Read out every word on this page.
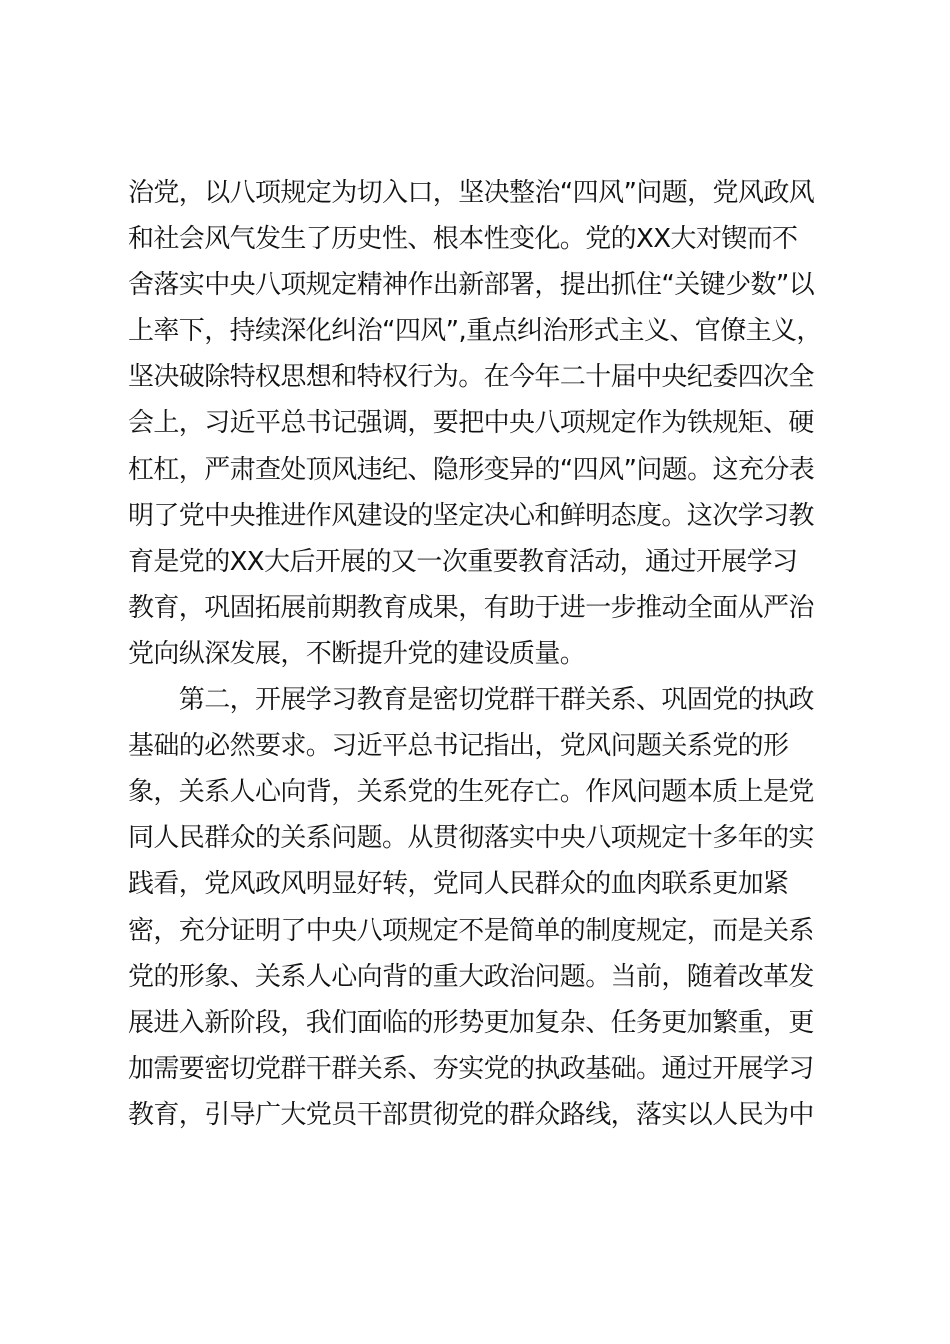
治党，以八项规定为切入口，坚决整治“四风”问题，党风政风
和社会风气发生了历史性、根本性变化。党的XX大对锲而不
舍落实中央八项规定精神作出新部署，提出抓住“关键少数”以
上率下，持续深化纠治“四风”,重点纠治形式主义、官僚主义，
坚决破除特权思想和特权行为。在今年二十届中央纪委四次全
会上，习近平总书记强调，要把中央八项规定作为铁规矩、硬
杠杠，严肃查处顶风违纪、隐形变异的“四风”问题。这充分表
明了党中央推进作风建设的坚定决心和鲜明态度。这次学习教
育是党的XX大后开展的又一次重要教育活动，通过开展学习
教育，巩固拓展前期教育成果，有助于进一步推动全面从严治
党向纵深发展，不断提升党的建设质量。
　　第二，开展学习教育是密切党群干群关系、巩固党的执政
基础的必然要求。习近平总书记指出，党风问题关系党的形
象，关系人心向背，关系党的生死存亡。作风问题本质上是党
同人民群众的关系问题。从贯彻落实中央八项规定十多年的实
践看，党风政风明显好转，党同人民群众的血肉联系更加紧
密，充分证明了中央八项规定不是简单的制度规定，而是关系
党的形象、关系人心向背的重大政治问题。当前，随着改革发
展进入新阶段，我们面临的形势更加复杂、任务更加繁重，更
加需要密切党群干群关系、夯实党的执政基础。通过开展学习
教育，引导广大党员干部贯彻党的群众路线，落实以人民为中
